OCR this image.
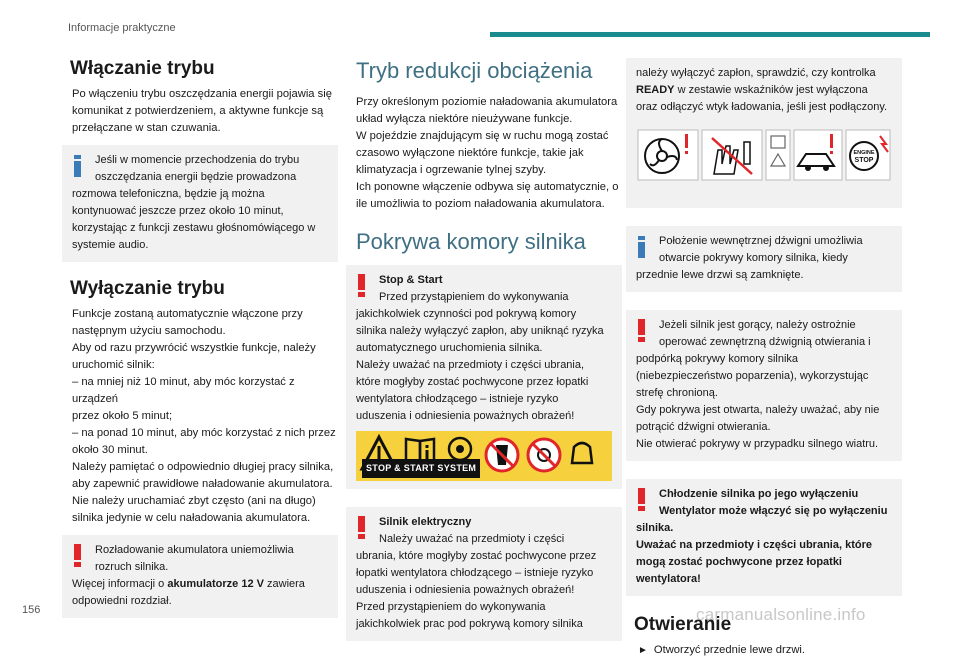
Informacje praktyczne
Włączanie trybu
Po włączeniu trybu oszczędzania energii pojawia się
komunikat z potwierdzeniem, a aktywne funkcje są
przełączane w stan czuwania.
Jeśli w momencie przechodzenia do trybu
oszczędzania energii będzie prowadzona
rozmowa telefoniczna, będzie ją można
kontynuować jeszcze przez około 10 minut,
korzystając z funkcji zestawu głośnomówiącego w
systemie audio.
Wyłączanie trybu
Funkcje zostaną automatycznie włączone przy
następnym użyciu samochodu.
Aby od razu przywrócić wszystkie funkcje, należy
uruchomić silnik:
– na mniej niż 10 minut, aby móc korzystać z urządzeń
przez około 5 minut;
– na ponad 10 minut, aby móc korzystać z nich przez
około 30 minut.
Należy pamiętać o odpowiednio długiej pracy silnika,
aby zapewnić prawidłowe naładowanie akumulatora.
Nie należy uruchamiać zbyt często (ani na długo)
silnika jedynie w celu naładowania akumulatora.
Rozładowanie akumulatora uniemożliwia
rozruch silnika.
Więcej informacji o akumulatorze 12 V zawiera
odpowiedni rozdział.
Tryb redukcji obciążenia
Przy określonym poziomie naładowania akumulatora
układ wyłącza niektóre nieużywane funkcje.
W pojeździe znajdującym się w ruchu mogą zostać
czasowo wyłączone niektóre funkcje, takie jak
klimatyzacja i ogrzewanie tylnej szyby.
Ich ponowne włączenie odbywa się automatycznie, o
ile umożliwia to poziom naładowania akumulatora.
Pokrywa komory silnika
Stop & Start
Przed przystąpieniem do wykonywania
jakichkolwiek czynności pod pokrywą komory
silnika należy wyłączyć zapłon, aby uniknąć ryzyka
automatycznego uruchomienia silnika.
Należy uważać na przedmioty i części ubrania,
które mogłyby zostać pochwycone przez łopatki
wentylatora chłodzącego – istnieje ryzyko
uduszenia i odniesienia poważnych obrażeń!
STOP & START SYSTEM
Silnik elektryczny
Należy uważać na przedmioty i części
ubrania, które mogłyby zostać pochwycone przez
łopatki wentylatora chłodzącego – istnieje ryzyko
uduszenia i odniesienia poważnych obrażeń!
Przed przystąpieniem do wykonywania
jakichkolwiek prac pod pokrywą komory silnika
należy wyłączyć zapłon, sprawdzić, czy kontrolka
READY w zestawie wskaźników jest wyłączona
oraz odłączyć wtyk ładowania, jeśli jest podłączony.
ENGINE
STOP
Położenie wewnętrznej dźwigni umożliwia
otwarcie pokrywy komory silnika, kiedy
przednie lewe drzwi są zamknięte.
Jeżeli silnik jest gorący, należy ostrożnie
operować zewnętrzną dźwignią otwierania i
podpórką pokrywy komory silnika
(niebezpieczeństwo poparzenia), wykorzystując
strefę chronioną.
Gdy pokrywa jest otwarta, należy uważać, aby nie
potrącić dźwigni otwierania.
Nie otwierać pokrywy w przypadku silnego wiatru.
Chłodzenie silnika po jego wyłączeniu
Wentylator może włączyć się po wyłączeniu
silnika.
Uważać na przedmioty i części ubrania, które
mogą zostać pochwycone przez łopatki
wentylatora!
Otwieranie
► Otworzyć przednie lewe drzwi.
156	carmanualsonline.info
